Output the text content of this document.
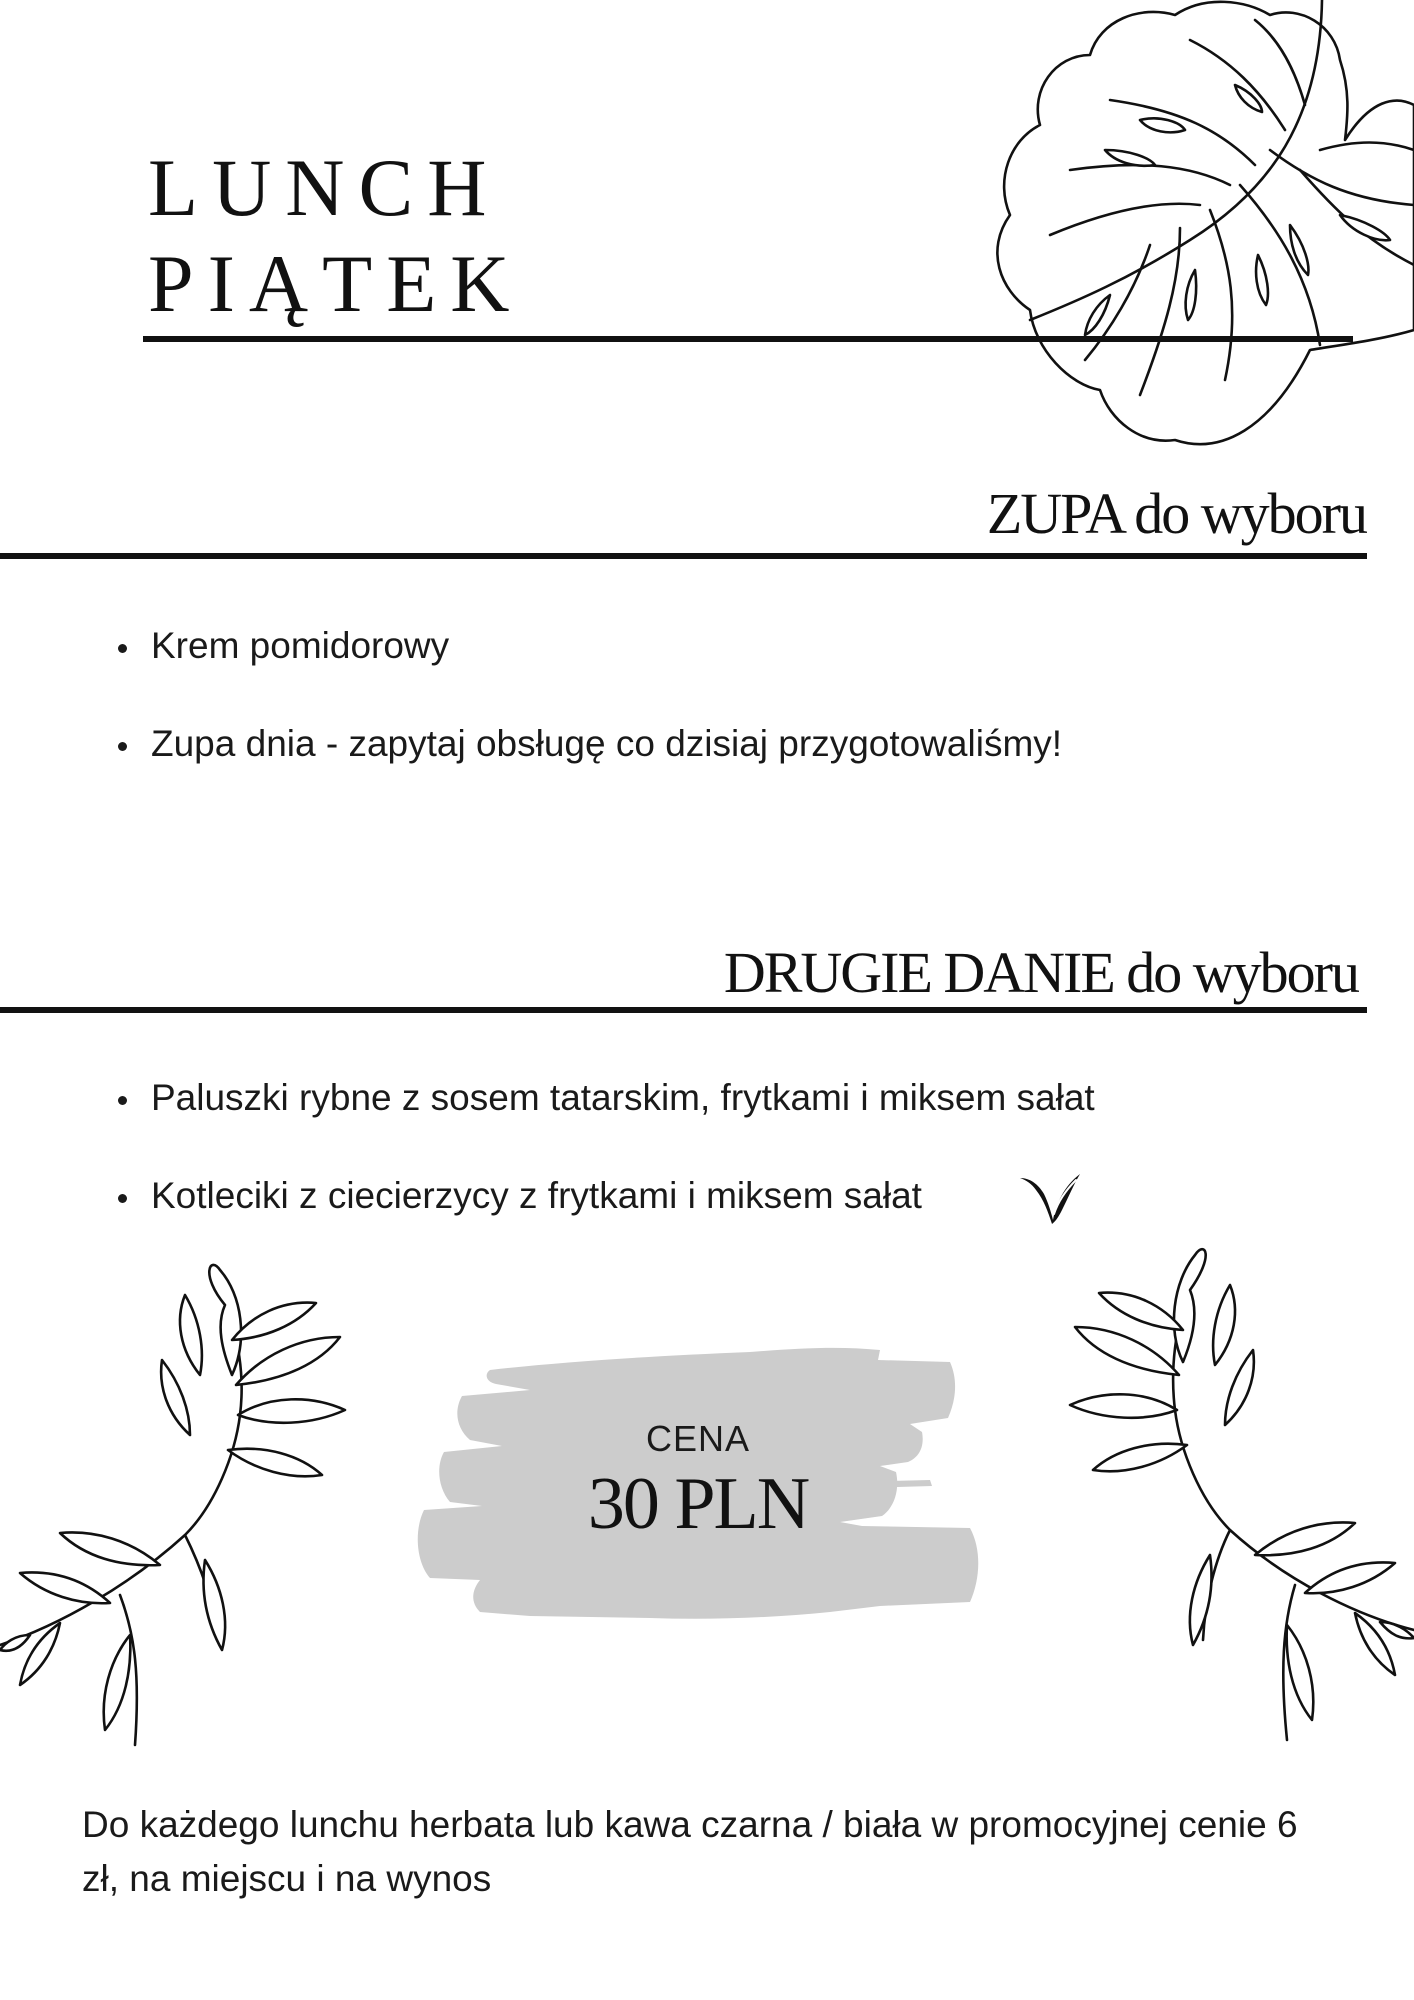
LUNCH
PIĄTEK
ZUPA do wyboru
Krem pomidorowy
Zupa dnia - zapytaj obsługę co dzisiaj przygotowaliśmy!
DRUGIE DANIE do wyboru
Paluszki rybne z sosem tatarskim, frytkami i miksem sałat
Kotleciki z ciecierzycy z frytkami i miksem sałat
CENA
30 PLN

Do każdego lunchu herbata lub kawa czarna / biała w promocyjnej cenie 6 zł, na miejscu i na wynos
